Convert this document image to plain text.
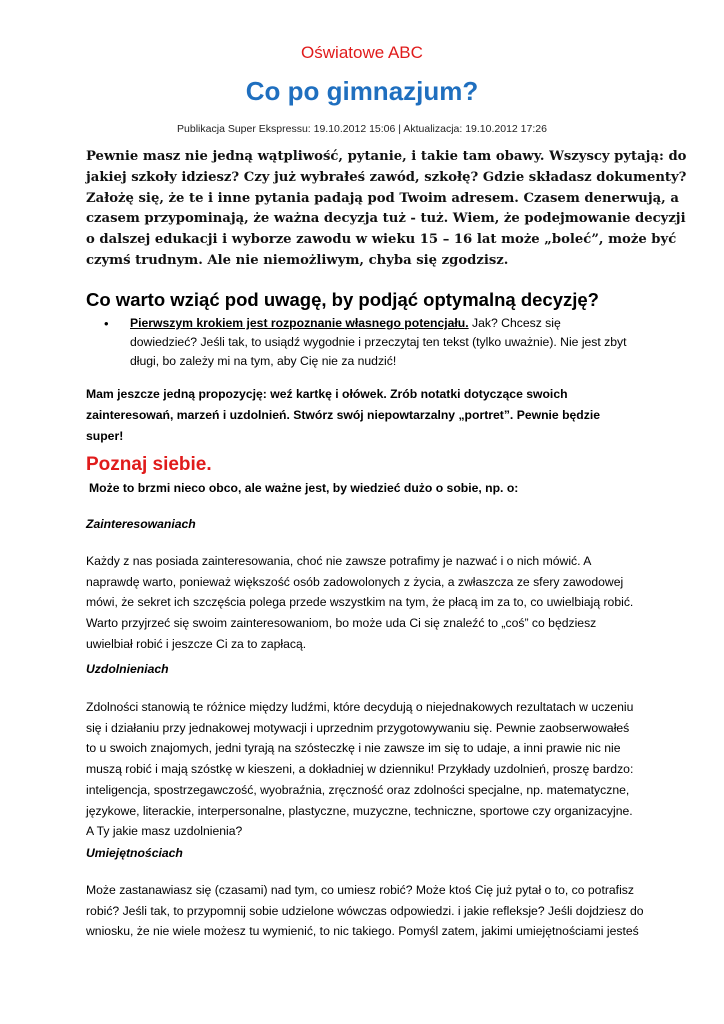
Oświatowe ABC
Co po gimnazjum?
Publikacja Super Ekspressu: 19.10.2012 15:06 | Aktualizacja: 19.10.2012 17:26
Pewnie masz nie jedną wątpliwość, pytanie, i takie tam obawy. Wszyscy pytają: do
jakiej szkoły idziesz? Czy już wybrałeś zawód, szkołę? Gdzie składasz dokumenty?
Założę się, że te i inne pytania padają pod Twoim adresem. Czasem denerwują, a
czasem przypominają, że ważna decyzja tuż - tuż. Wiem, że podejmowanie decyzji
o dalszej edukacji i wyborze zawodu w wieku 15 – 16 lat może „boleć”, może być
czymś trudnym. Ale nie niemożliwym, chyba się zgodzisz.
Co warto wziąć pod uwagę, by podjąć optymalną decyzję?
• Pierwszym krokiem jest rozpoznanie własnego potencjału. Jak? Chcesz się
dowiedzieć? Jeśli tak, to usiądź wygodnie i przeczytaj ten tekst (tylko uważnie). Nie jest zbyt
długi, bo zależy mi na tym, aby Cię nie za nudzić!
Mam jeszcze jedną propozycję: weź kartkę i ołówek. Zrób notatki dotyczące swoich
zainteresowań, marzeń i uzdolnień. Stwórz swój niepowtarzalny „portret”. Pewnie będzie
super!
Poznaj siebie.
Może to brzmi nieco obco, ale ważne jest, by wiedzieć dużo o sobie, np. o:
Zainteresowaniach
Każdy z nas posiada zainteresowania, choć nie zawsze potrafimy je nazwać i o nich mówić. A
naprawdę warto, ponieważ większość osób zadowolonych z życia, a zwłaszcza ze sfery zawodowej
mówi, że sekret ich szczęścia polega przede wszystkim na tym, że płacą im za to, co uwielbiają robić.
Warto przyjrzeć się swoim zainteresowaniom, bo może uda Ci się znaleźć to „coś” co będziesz
uwielbiał robić i jeszcze Ci za to zapłacą.
Uzdolnieniach
Zdolności stanowią te różnice między ludźmi, które decydują o niejednakowych rezultatach w uczeniu
się i działaniu przy jednakowej motywacji i uprzednim przygotowywaniu się. Pewnie zaobserwowałeś
to u swoich znajomych, jedni tyrają na szósteczkę i nie zawsze im się to udaje, a inni prawie nic nie
muszą robić i mają szóstkę w kieszeni, a dokładniej w dzienniku! Przykłady uzdolnień, proszę bardzo:
inteligencja, spostrzegawczość, wyobraźnia, zręczność oraz zdolności specjalne, np. matematyczne,
językowe, literackie, interpersonalne, plastyczne, muzyczne, techniczne, sportowe czy organizacyjne.
A Ty jakie masz uzdolnienia?
Umiejętnościach
Może zastanawiasz się (czasami) nad tym, co umiesz robić? Może ktoś Cię już pytał o to, co potrafisz
robić? Jeśli tak, to przypomnij sobie udzielone wówczas odpowiedzi. i jakie refleksje? Jeśli dojdziesz do
wniosku, że nie wiele możesz tu wymienić, to nic takiego. Pomyśl zatem, jakimi umiejętnościami jesteś
